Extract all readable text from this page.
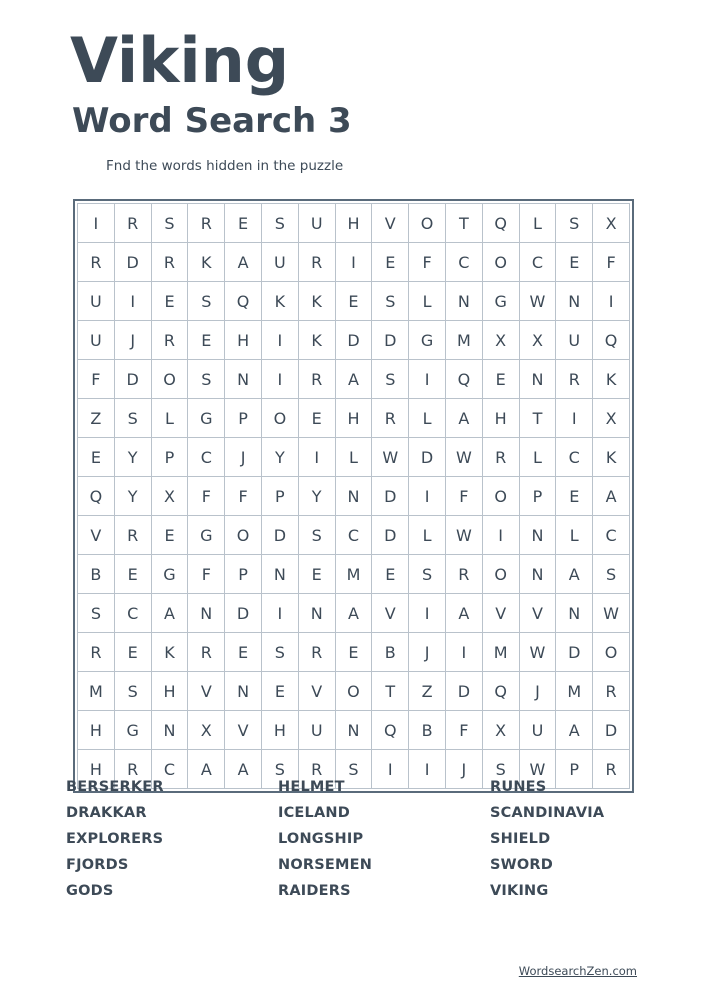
Viking
Word Search 3
Fnd the words hidden in the puzzle
I	R	S	R	E	S	U	H	V	O	T	Q	L	S	X
R	D	R	K	A	U	R	I	E	F	C	O	C	E	F
U	I	E	S	Q	K	K	E	S	L	N	G	W	N	I
U	J	R	E	H	I	K	D	D	G	M	X	X	U	Q
F	D	O	S	N	I	R	A	S	I	Q	E	N	R	K
Z	S	L	G	P	O	E	H	R	L	A	H	T	I	X
E	Y	P	C	J	Y	I	L	W	D	W	R	L	C	K
Q	Y	X	F	F	P	Y	N	D	I	F	O	P	E	A
V	R	E	G	O	D	S	C	D	L	W	I	N	L	C
B	E	G	F	P	N	E	M	E	S	R	O	N	A	S
S	C	A	N	D	I	N	A	V	I	A	V	V	N	W
R	E	K	R	E	S	R	E	B	J	I	M	W	D	O
M	S	H	V	N	E	V	O	T	Z	D	Q	J	M	R
H	G	N	X	V	H	U	N	Q	B	F	X	U	A	D
H	R	C	A	A	S	R	S	I	I	J	S	W	P	R
BERSERKER
DRAKKAR
EXPLORERS
FJORDS
GODS
HELMET
ICELAND
LONGSHIP
NORSEMEN
RAIDERS
RUNES
SCANDINAVIA
SHIELD
SWORD
VIKING
WordsearchZen.com
